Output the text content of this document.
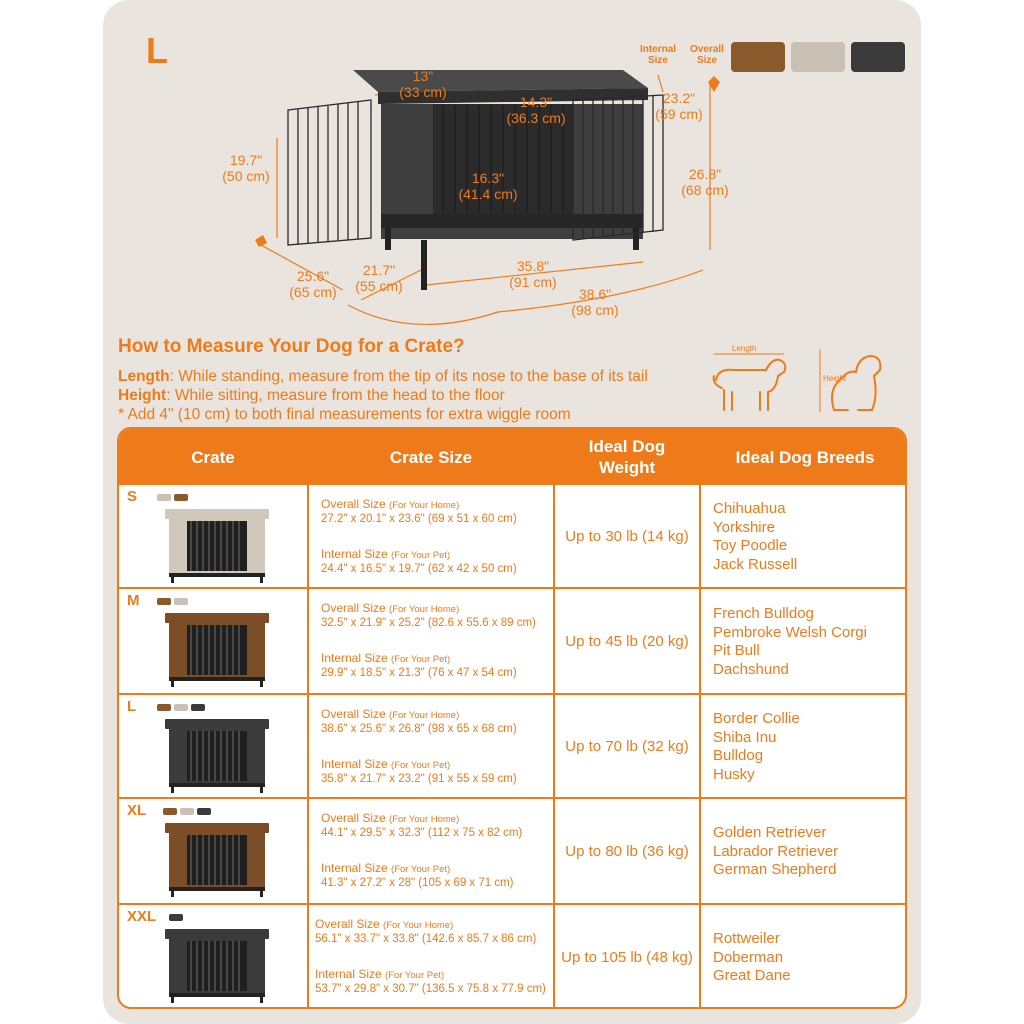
L	Internal Size
Overall Size
19.7"
(50 cm)
13"
(33 cm)
14.3"
(36.3 cm)
23.2"
(59 cm)
16.3"
(41.4 cm)
26.8"
(68 cm)
25.6"
(65 cm)
21.7"
(55 cm)
35.8"
(91 cm)
38.6"
(98 cm)
How to Measure Your Dog for a Crate?

Length: While standing, measure from the tip of its nose to the base of its tail

Height: While sitting, measure from the head to the floor

* Add 4" (10 cm) to both final measurements for extra wiggle room

Length
Height
Crate	Crate Size
Ideal Dog Weight
Ideal Dog Breeds
S	Overall Size (For Your Home)
27.2" x 20.1" x 23.6" (69 x 51 x 60 cm)
Internal Size (For Your Pet)
24.4" x 16.5" x 19.7" (62 x 42 x 50 cm)
Up to 30 lb (14 kg)
Chihuahua
Yorkshire
Toy Poodle
Jack Russell
M	Overall Size (For Your Home)
32.5" x 21.9" x 25.2" (82.6 x 55.6 x 89 cm)
Internal Size (For Your Pet)
29.9" x 18.5" x 21.3" (76 x 47 x 54 cm)
Up to 45 lb (20 kg)
French Bulldog
Pembroke Welsh Corgi
Pit Bull
Dachshund
L	Overall Size (For Your Home)
38.6" x 25.6" x 26.8" (98 x 65 x 68 cm)
Internal Size (For Your Pet)
35.8" x 21.7" x 23.2" (91 x 55 x 59 cm)
Up to 70 lb (32 kg)
Border Collie
Shiba Inu
Bulldog
Husky
XL	Overall Size (For Your Home)
44.1" x 29.5" x 32.3" (112 x 75 x 82 cm)
Internal Size (For Your Pet)
41.3" x 27.2" x 28" (105 x 69 x 71 cm)
Up to 80 lb (36 kg)
Golden Retriever
Labrador Retriever
German Shepherd
XXL	Overall Size (For Your Home)
56.1" x 33.7" x 33.8" (142.6 x 85.7 x 86 cm)
Internal Size (For Your Pet)
53.7" x 29.8" x 30.7" (136.5 x 75.8 x 77.9 cm)
Up to 105 lb (48 kg)
Rottweiler
Doberman
Great Dane
